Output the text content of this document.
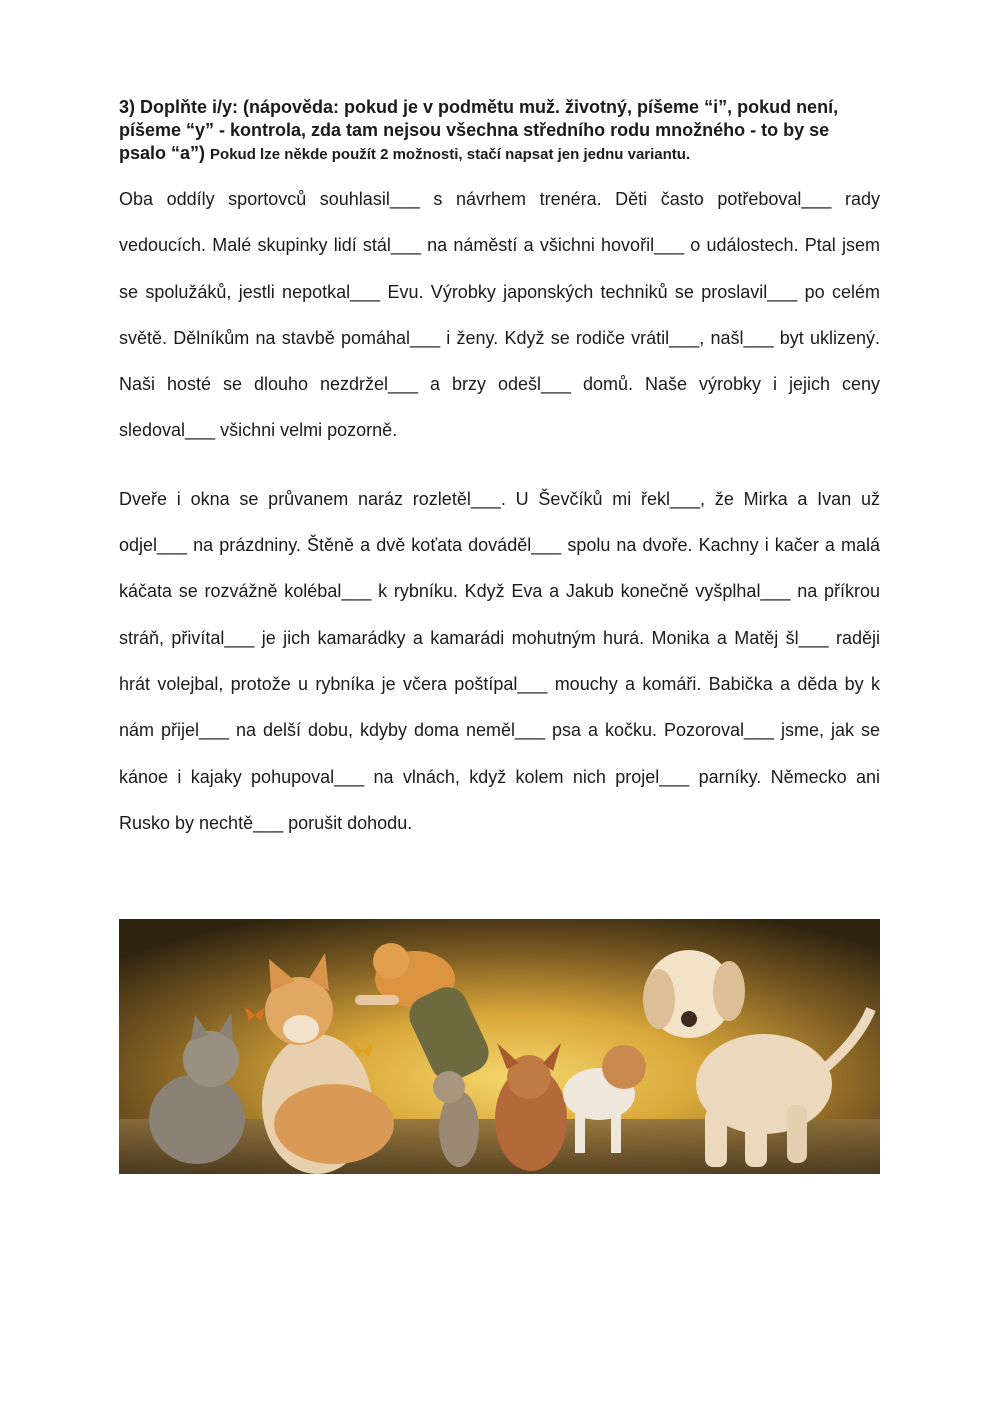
3) Doplňte i/y: (nápověda: pokud je v podmětu muž. životný, píšeme “i”, pokud není, píšeme “y” - kontrola, zda tam nejsou všechna středního rodu množného - to by se psalo “a”) Pokud lze někde použít 2 možnosti, stačí napsat jen jednu variantu.

Oba oddíly sportovců souhlasil___ s návrhem trenéra. Děti často potřeboval___ rady vedoucích. Malé skupinky lidí stál___ na náměstí a všichni hovořil___ o událostech. Ptal jsem se spolužáků, jestli nepotkal___ Evu. Výrobky japonských techniků se proslavil___ po celém světě. Dělníkům na stavbě pomáhal___ i ženy. Když se rodiče vrátil___, našl___ byt uklizený. Naši hosté se dlouho nezdržel___ a brzy odešl___ domů. Naše výrobky i jejich ceny sledoval___ všichni velmi pozorně.

Dveře i okna se průvanem naráz rozletěl___. U Ševčíků mi řekl___, že Mirka a Ivan už odjel___ na prázdniny. Štěně a dvě koťata dováděl___ spolu na dvoře. Kachny i kačer a malá káčata se rozvážně kolébal___ k rybníku. Když Eva a Jakub konečně vyšplhal___ na příkrou stráň, přivítal___ je jich kamarádky a kamarádi mohutným hurá. Monika a Matěj šl___ raději hrát volejbal, protože u rybníka je včera poštípal___ mouchy a komáři. Babička a děda by k nám přijel___ na delší dobu, kdyby doma neměl___ psa a kočku. Pozoroval___ jsme, jak se kánoe i kajaky pohupoval___ na vlnách, když kolem nich projel___ parníky. Německo ani Rusko by nechtě___ porušit dohodu.
